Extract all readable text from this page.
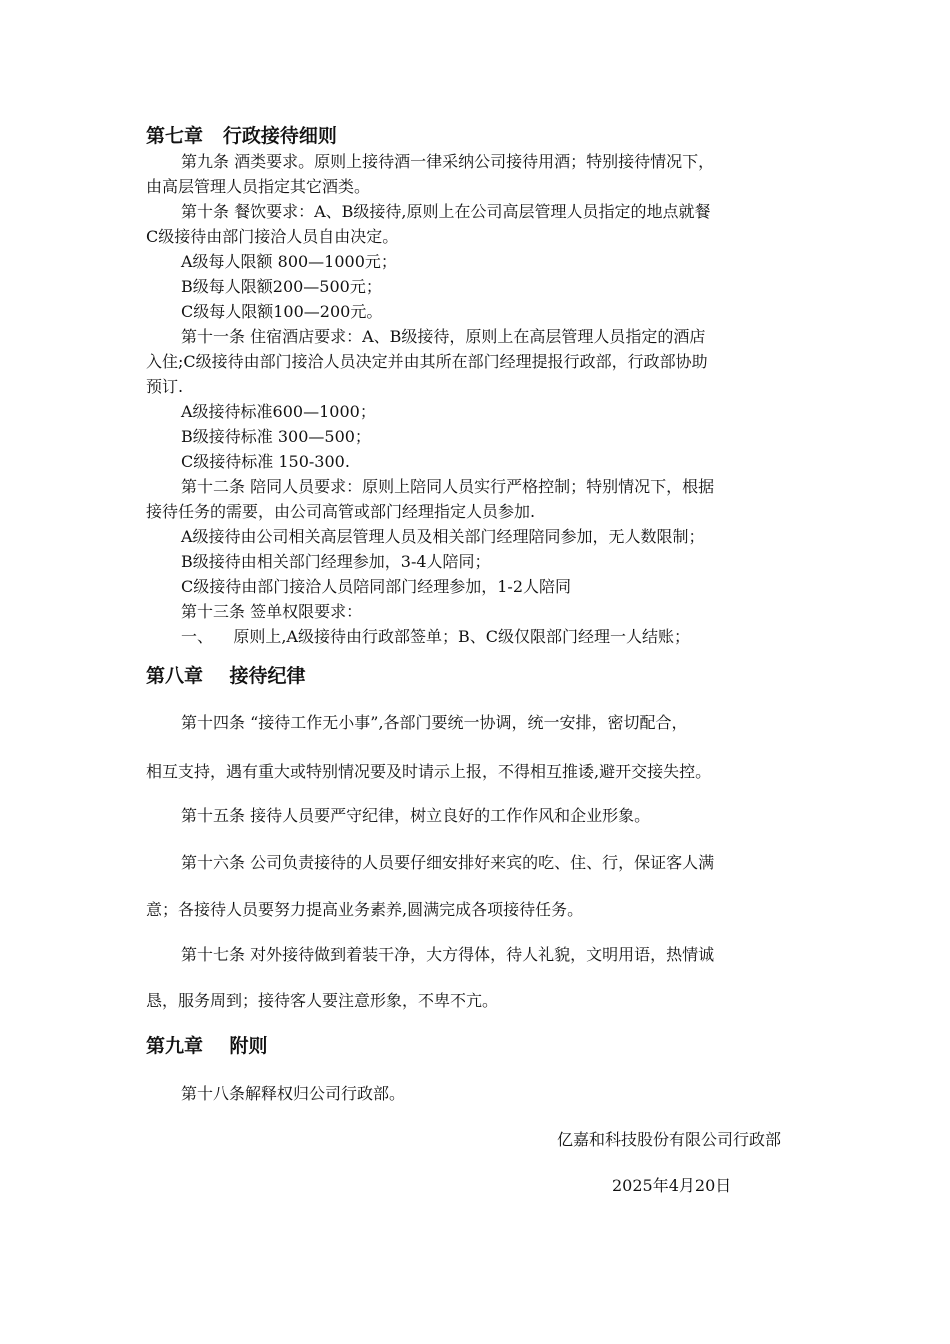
第七章   行政接待细则
第九条 酒类要求。原则上接待酒一律采纳公司接待用酒；特别接待情况下，
由高层管理人员指定其它酒类。
第十条 餐饮要求：A、B级接待,原则上在公司高层管理人员指定的地点就餐
C级接待由部门接洽人员自由决定。
A级每人限额 800—1000元；
B级每人限额200—500元；
C级每人限额100—200元。
第十一条 住宿酒店要求：A、B级接待，原则上在高层管理人员指定的酒店
入住;C级接待由部门接洽人员决定并由其所在部门经理提报行政部，行政部协助
预订.
A级接待标准600—1000；
B级接待标准 300—500；
C级接待标准 150-300.
第十二条 陪同人员要求：原则上陪同人员实行严格控制；特别情况下，根据
接待任务的需要，由公司高管或部门经理指定人员参加.
A级接待由公司相关高层管理人员及相关部门经理陪同参加，无人数限制；
B级接待由相关部门经理参加，3-4人陪同；
C级接待由部门接洽人员陪同部门经理参加，1-2人陪同
第十三条 签单权限要求：
一、    原则上,A级接待由行政部签单；B、C级仅限部门经理一人结账；
第八章    接待纪律
第十四条 “接待工作无小事”,各部门要统一协调，统一安排，密切配合，
相互支持，遇有重大或特别情况要及时请示上报，不得相互推诿,避开交接失控。
第十五条 接待人员要严守纪律，树立良好的工作作风和企业形象。
第十六条 公司负责接待的人员要仔细安排好来宾的吃、住、行，保证客人满
意；各接待人员要努力提高业务素养,圆满完成各项接待任务。
第十七条 对外接待做到着装干净，大方得体，待人礼貌，文明用语，热情诚
恳，服务周到；接待客人要注意形象，不卑不亢。
第九章    附则
第十八条解释权归公司行政部。
亿嘉和科技股份有限公司行政部
2025年4月20日
